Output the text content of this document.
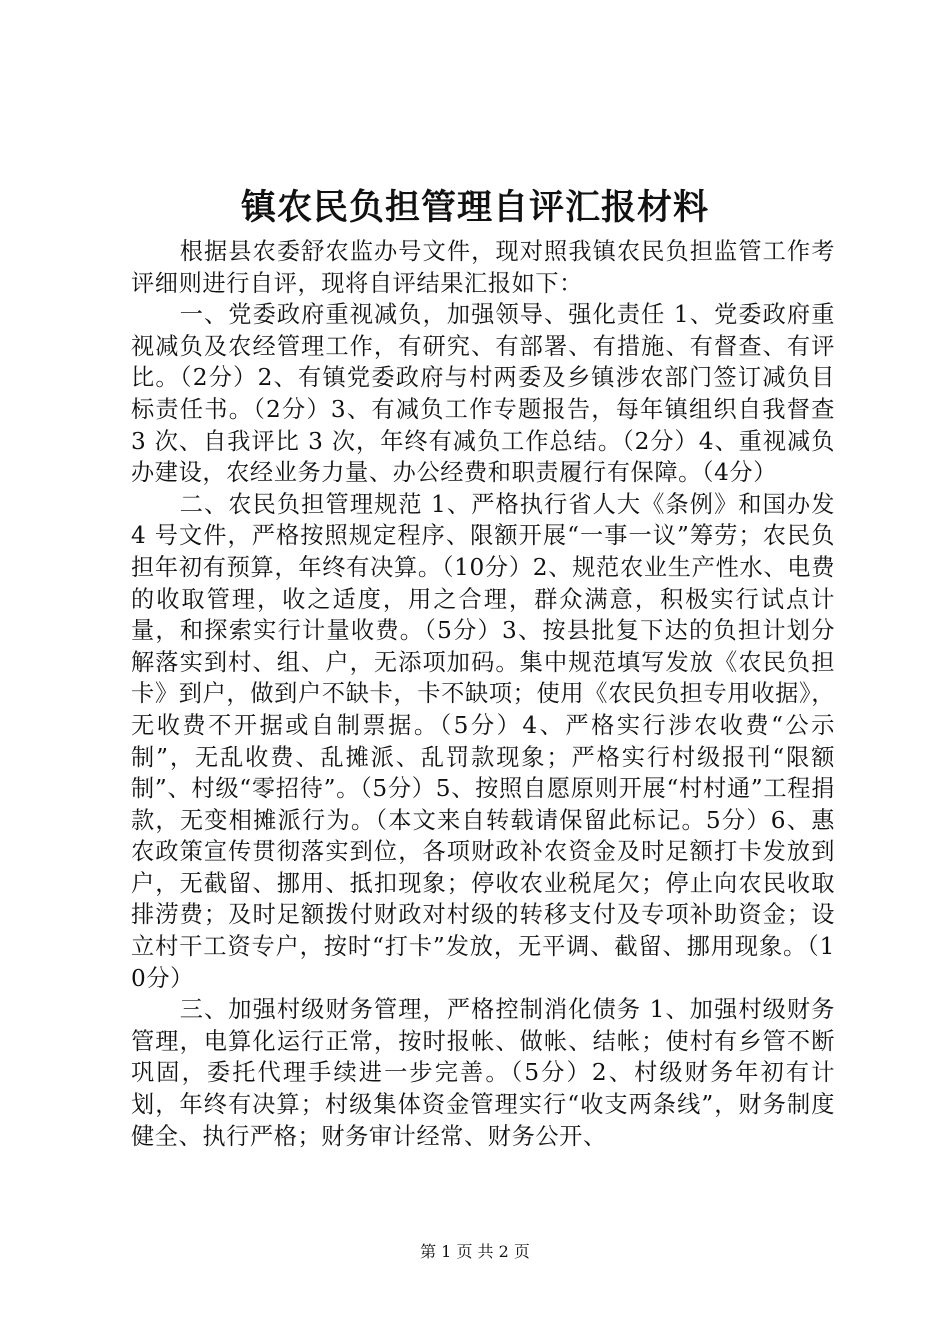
镇农民负担管理自评汇报材料

根据县农委舒农监办号文件，现对照我镇农民负担监管工作考评细则进行自评，现将自评结果汇报如下：

一、党委政府重视减负，加强领导、强化责任 1、党委政府重视减负及农经管理工作，有研究、有部署、有措施、有督查、有评比。（2分）2、有镇党委政府与村两委及乡镇涉农部门签订减负目标责任书。（2分）3、有减负工作专题报告，每年镇组织自我督查 3 次、自我评比 3 次，年终有减负工作总结。（2分）4、重视减负办建设，农经业务力量、办公经费和职责履行有保障。（4分）

二、农民负担管理规范 1、严格执行省人大《条例》和国办发 4 号文件，严格按照规定程序、限额开展“一事一议”筹劳；农民负担年初有预算，年终有决算。（10分）2、规范农业生产性水、电费的收取管理，收之适度，用之合理，群众满意，积极实行试点计量，和探索实行计量收费。（5分）3、按县批复下达的负担计划分解落实到村、组、户，无添项加码。集中规范填写发放《农民负担卡》到户，做到户不缺卡，卡不缺项；使用《农民负担专用收据》，无收费不开据或自制票据。（5分）4、严格实行涉农收费“公示制”，无乱收费、乱摊派、乱罚款现象；严格实行村级报刊“限额制”、村级“零招待”。（5分）5、按照自愿原则开展“村村通”工程捐款，无变相摊派行为。（本文来自转载请保留此标记。5分）6、惠农政策宣传贯彻落实到位，各项财政补农资金及时足额打卡发放到户，无截留、挪用、抵扣现象；停收农业税尾欠；停止向农民收取排涝费；及时足额拨付财政对村级的转移支付及专项补助资金；设立村干工资专户，按时“打卡”发放，无平调、截留、挪用现象。（10分）

三、加强村级财务管理，严格控制消化债务 1、加强村级财务管理，电算化运行正常，按时报帐、做帐、结帐；使村有乡管不断巩固，委托代理手续进一步完善。（5分）2、村级财务年初有计划，年终有决算；村级集体资金管理实行“收支两条线”，财务制度健全、执行严格；财务审计经常、财务公开、

第 1 页 共 2 页
